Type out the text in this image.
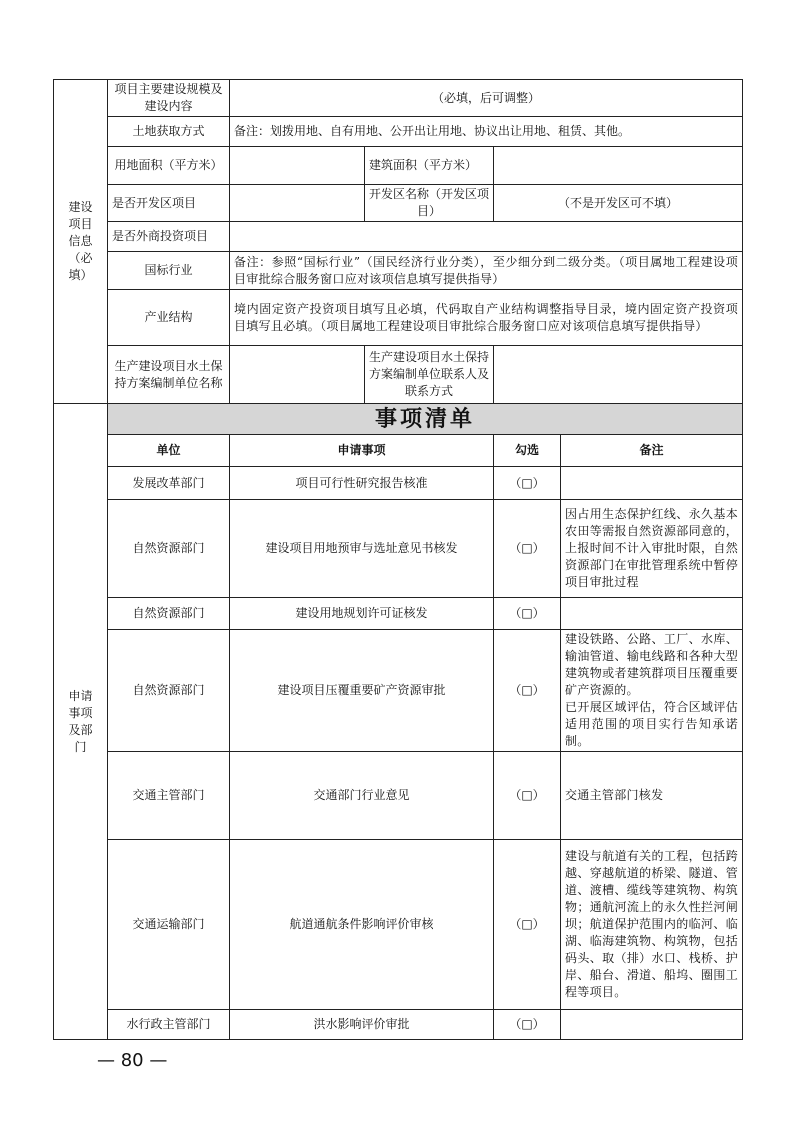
建设项目信息（必填）	项目主要建设规模及建设内容	（必填，后可调整）			
	土地获取方式	备注：划拨用地、自有用地、公开出让用地、协议出让用地、租赁、其他。			
	用地面积（平方米）		建筑面积（平方米）		
	是否开发区项目		开发区名称（开发区项目）	（不是开发区可不填）	
	是否外商投资项目				
	国标行业	备注：参照“国标行业”（国民经济行业分类），至少细分到二级分类。（项目属地工程建设项目审批综合服务窗口应对该项信息填写提供指导）			
	产业结构	境内固定资产投资项目填写且必填，代码取自产业结构调整指导目录，境内固定资产投资项目填写且必填。（项目属地工程建设项目审批综合服务窗口应对该项信息填写提供指导）			
	生产建设项目水土保持方案编制单位名称		生产建设项目水土保持方案编制单位联系人及联系方式		
申请事项及部门	事项清单				
	单位	申请事项		勾选	备注
	发展改革部门	项目可行性研究报告核准		（□）	
	自然资源部门	建设项目用地预审与选址意见书核发		（□）	因占用生态保护红线、永久基本农田等需报自然资源部同意的，上报时间不计入审批时限，自然资源部门在审批管理系统中暂停项目审批过程
	自然资源部门	建设用地规划许可证核发		（□）	
	自然资源部门	建设项目压覆重要矿产资源审批		（□）	建设铁路、公路、工厂、水库、输油管道、输电线路和各种大型建筑物或者建筑群项目压覆重要矿产资源的。
已开展区域评估，符合区域评估适用范围的项目实行告知承诺制。
	交通主管部门	交通部门行业意见		（□）	交通主管部门核发
	交通运输部门	航道通航条件影响评价审核		（□）	建设与航道有关的工程，包括跨越、穿越航道的桥梁、隧道、管道、渡槽、缆线等建筑物、构筑物；通航河流上的永久性拦河闸坝；航道保护范围内的临河、临湖、临海建筑物、构筑物，包括码头、取（排）水口、栈桥、护岸、船台、滑道、船坞、圈围工程等项目。
	水行政主管部门	洪水影响评价审批		（□）	
— 80 —
